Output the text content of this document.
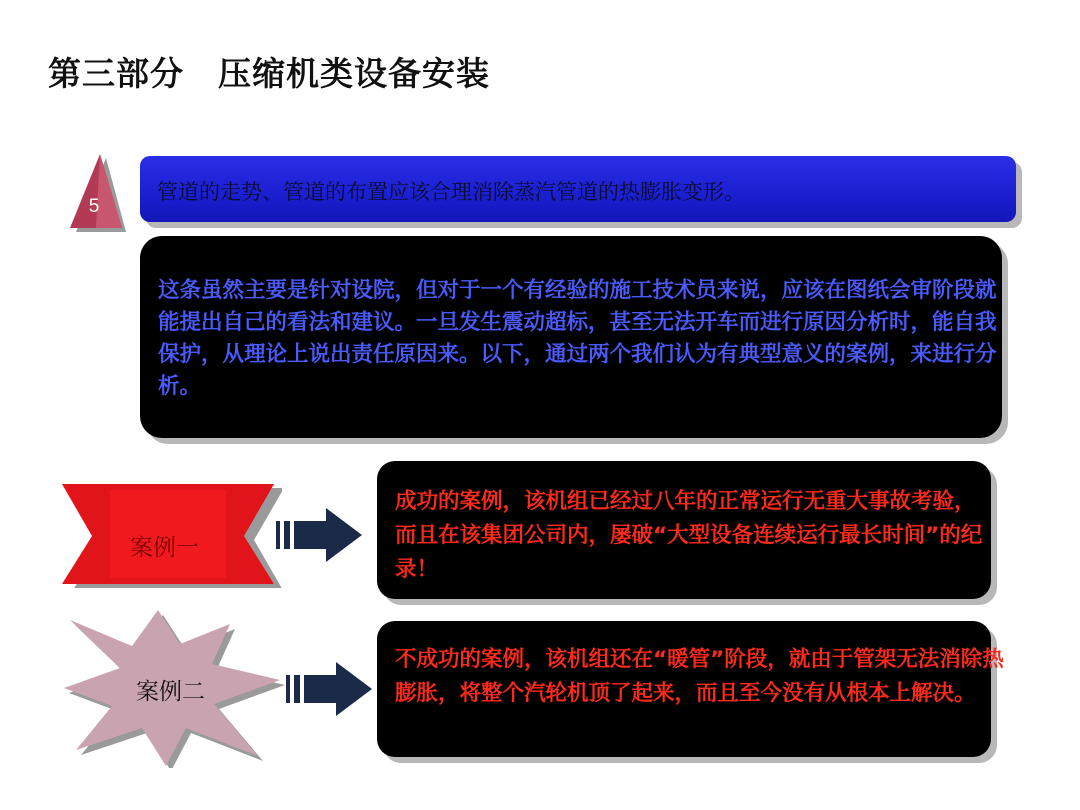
第三部分　压缩机类设备安装
5
管道的走势、管道的布置应该合理消除蒸汽管道的热膨胀变形。
这条虽然主要是针对设院，但对于一个有经验的施工技术员来说，应该在图纸会审阶段就能提出自己的看法和建议。一旦发生震动超标，甚至无法开车而进行原因分析时，能自我保护，从理论上说出责任原因来。以下，通过两个我们认为有典型意义的案例，来进行分析。
案例一
成功的案例，该机组已经过八年的正常运行无重大事故考验，而且在该集团公司内，屡破“大型设备连续运行最长时间”的纪录！
案例二
不成功的案例，该机组还在“暖管”阶段，就由于管架无法消除热膨胀，将整个汽轮机顶了起来，而且至今没有从根本上解决。
